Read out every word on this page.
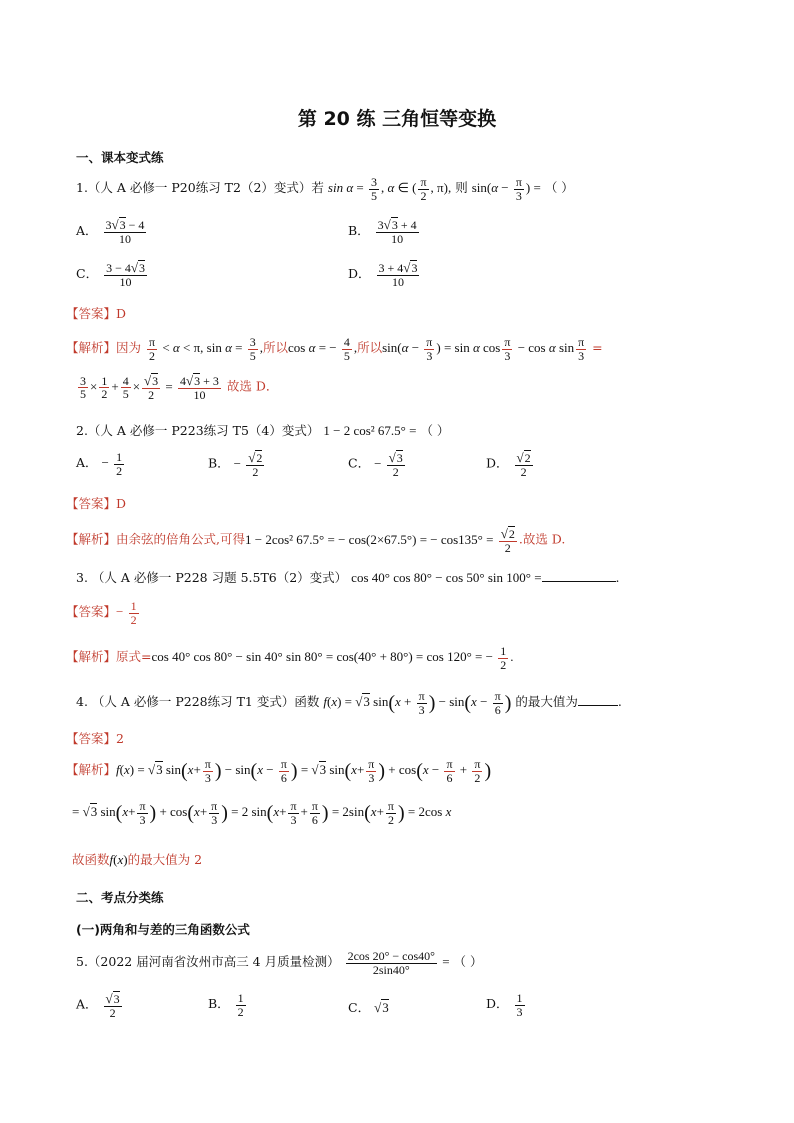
第 20 练 三角恒等变换
一、课本变式练
1.（人 A 必修一 P20练习 T2（2）变式）若 $\sin \alpha = \frac{3}{5}$ , α ∈ ( $\frac{\pi}{2}$ , π), 则 $\sin(\alpha - \frac{\pi}{3}$ ) = （ ）
A． $\frac{3√3 - 4}{10}$	B． $\frac{3√3 + 4}{10}$
C． $\frac{3 - 4√3}{10}$	D． $\frac{3 + 4√3}{10}$
【答案】D
【解析】因为 $\frac{\pi}{2} < \alpha < \pi$, $\sin \alpha = \frac{3}{5}$ ,所以cos α = − $\frac{4}{5}$ ,所以$\sin(\alpha - \frac{\pi}{3}$ ) = sin α $\cos \frac{\pi}{3} - \cos \alpha$ $\sin \frac{\pi}{3}$ =
$\frac{3}{5} \times \frac{1}{2} + \frac{4}{5} \times \frac{√3}{2} = \frac{4√3 + 3}{10}$ 故选 D．
2.（人 A 必修一 P223练习 T5（4）变式） 1 − 2 cos² 67.5° = （ ）
A． − $\frac{1}{2}$	B． − $\frac{√2}{2}$	C． − $\frac{√3}{2}$	D． $\frac{√2}{2}$
【答案】D
【解析】由余弦的倍角公式,可得1 − 2cos² 67.5° = − cos(2×67.5°) = − $\cos 135^\circ = \frac{√2}{2}$ .故选 D.
3. （人 A 必修一 P228 习题 5.5T6（2）变式） cos 40° cos 80° − cos 50° sin 100° =	.
【答案】− $\frac{1}{2}$
【解析】原式=cos 40° cos 80° − sin 40° sin 80° = cos(40° + 80°) = cos 120° = − $\frac{1}{2}$ .
4. （人 A 必修一 P228练习 T1 变式）函数 f(x) = √3 $\sin(x + \frac{\pi}{3}$ ) − $\sin(x - \frac{\pi}{6}$ ) 的最大值为	.
【答案】2
【解析】f(x) = √3 $\sin(x+ \frac{\pi}{3}$ ) − $\sin(x - \frac{\pi}{6}$ ) = √3 $\sin(x+ \frac{\pi}{3}$ ) + $\cos(x - \frac{\pi}{6} + \frac{\pi}{2}$ )
= √3 $\sin(x+ \frac{\pi}{3}$ ) + $\cos(x+ \frac{\pi}{3}$ ) = 2 $\sin(x+ \frac{\pi}{3} + \frac{\pi}{6}$ ) = $2\sin(x+ \frac{\pi}{2}$ ) = 2cos x
故函数f(x)的最大值为 2
二、考点分类练
(一)两角和与差的三角函数公式
5.（2022 届河南省汝州市高三 4 月质量检测） $\frac{2\cos 20^\circ - \cos 40^\circ}{2\sin 40^\circ}$ = （ ）
A． $\frac{√3}{2}$	B． $\frac{1}{2}$	C． √3	D． $\frac{1}{3}$
